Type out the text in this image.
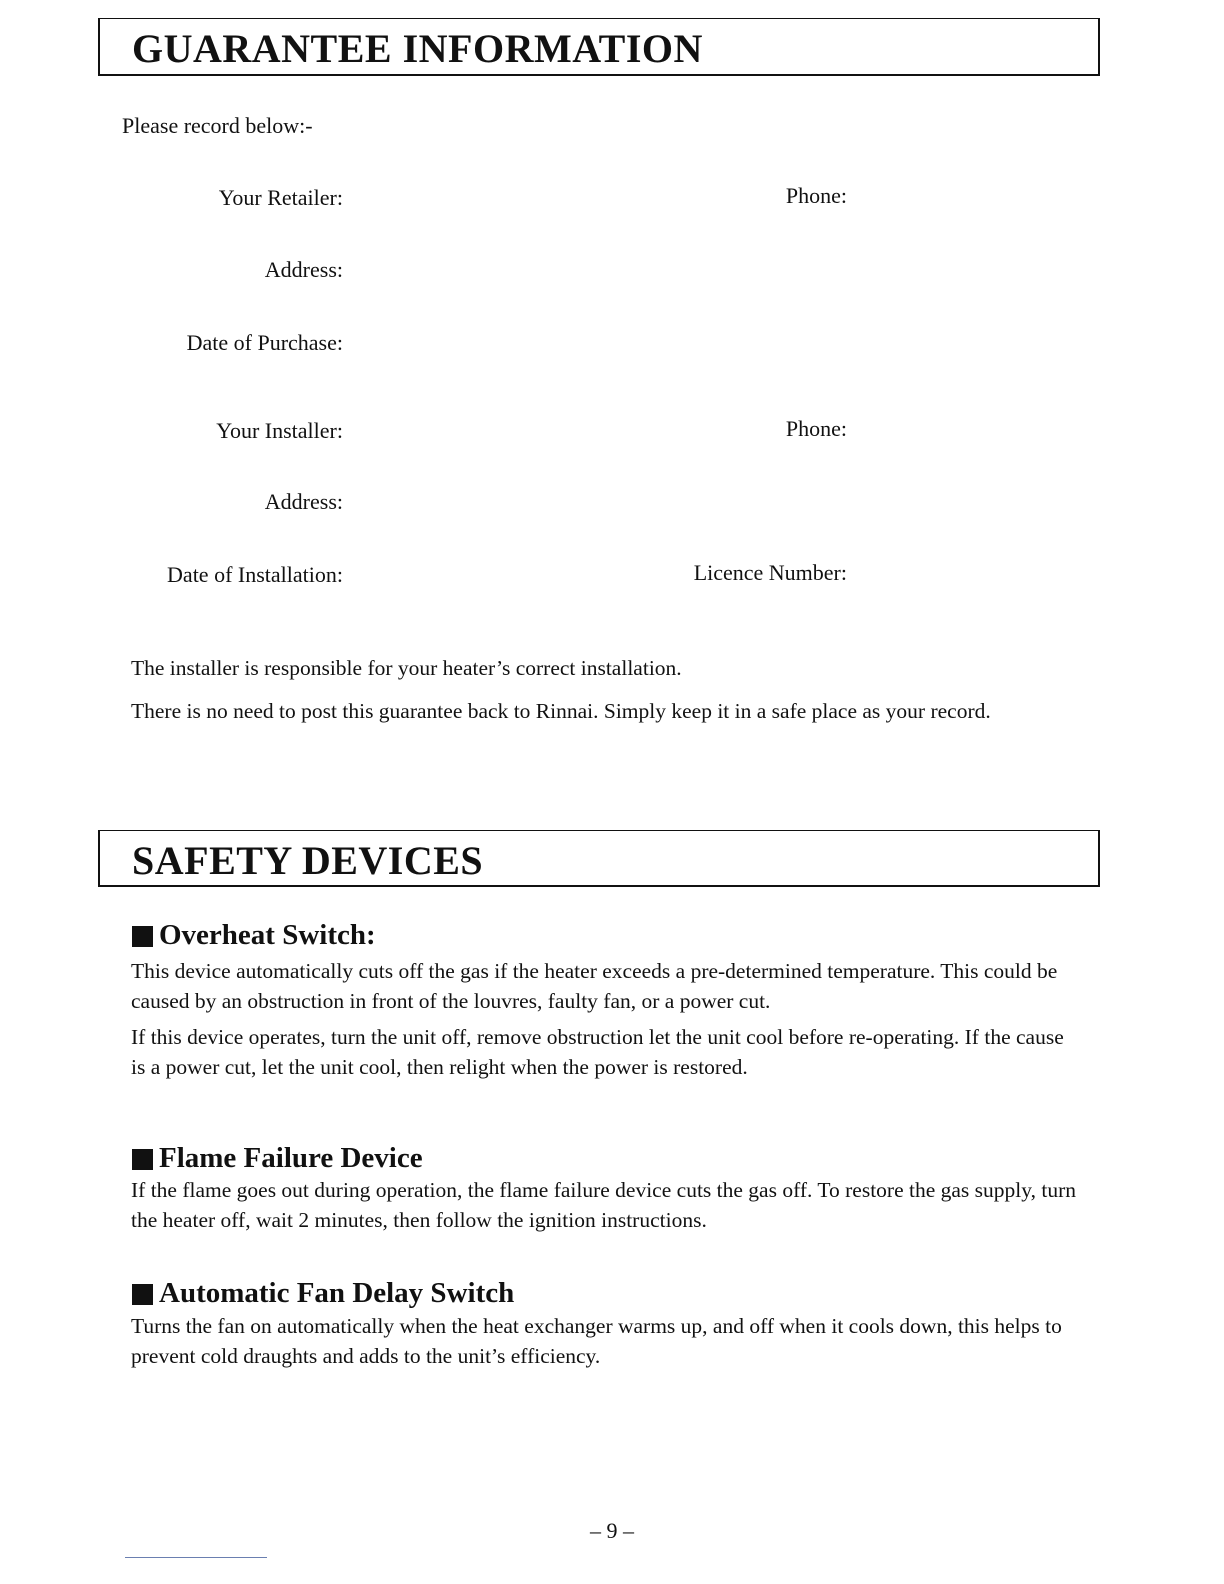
GUARANTEE INFORMATION
Please record below:-
Your Retailer:	Phone:
Address:
Date of Purchase:
Your Installer:	Phone:
Address:
Date of Installation:	Licence Number:
The installer is responsible for your heater’s correct installation.
There is no need to post this guarantee back to Rinnai. Simply keep it in a safe place as your record.
SAFETY DEVICES
Overheat Switch:
This device automatically cuts off the gas if the heater exceeds a pre-determined temperature. This could be caused by an obstruction in front of the louvres, faulty fan, or a power cut.
If this device operates, turn the unit off, remove obstruction let the unit cool before re-operating. If the cause is a power cut, let the unit cool, then relight when the power is restored.
Flame Failure Device
If the flame goes out during operation, the flame failure device cuts the gas off. To restore the gas supply, turn the heater off, wait 2 minutes, then follow the ignition instructions.
Automatic Fan Delay Switch
Turns the fan on automatically when the heat exchanger warms up, and off when it cools down, this helps to prevent cold draughts and adds to the unit’s efficiency.
– 9 –
